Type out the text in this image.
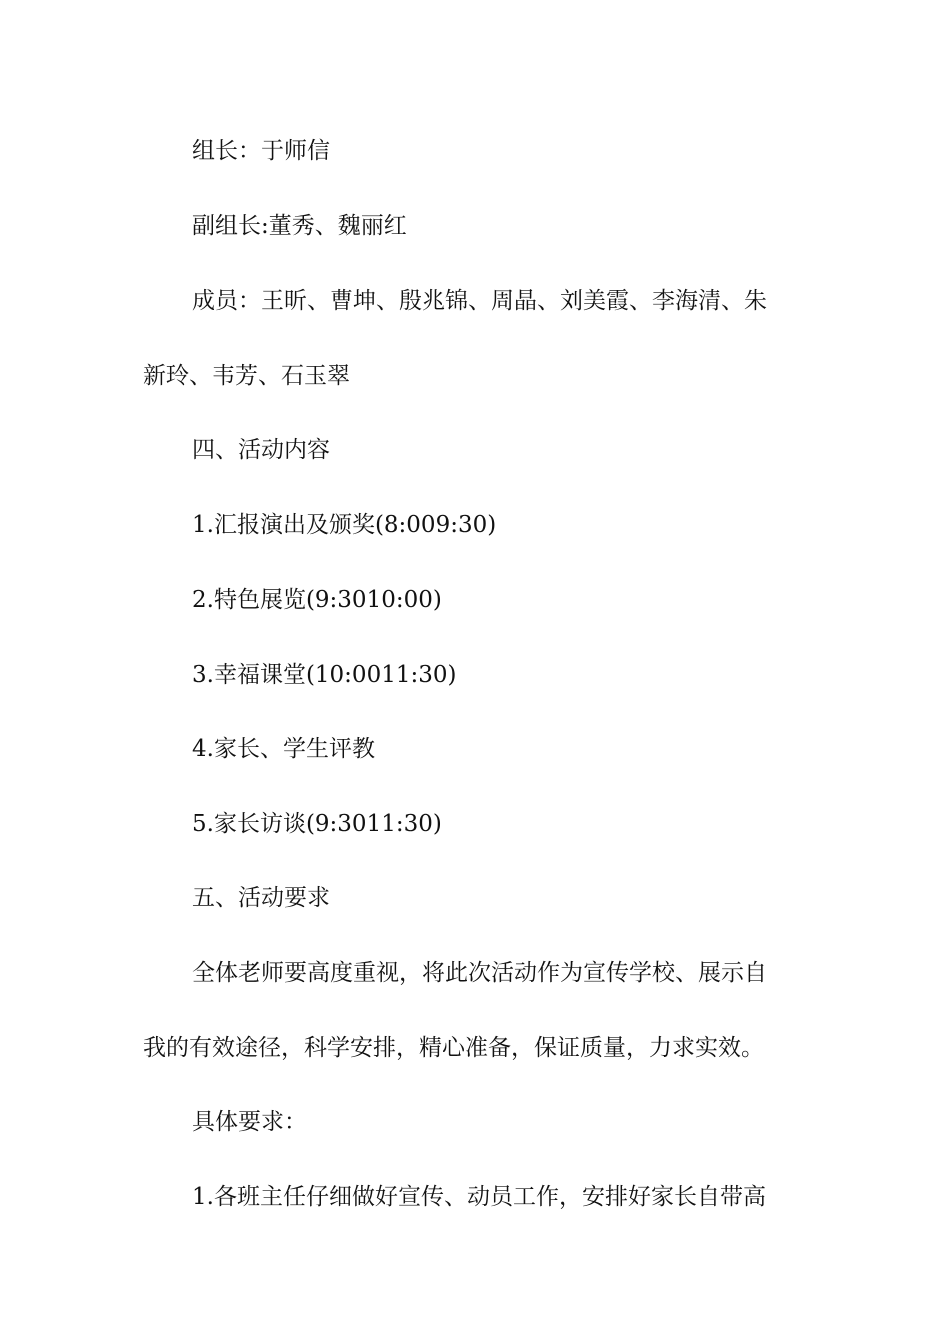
组长：于师信

副组长:董秀、魏丽红

成员：王昕、曹坤、殷兆锦、周晶、刘美霞、李海清、朱

新玲、韦芳、石玉翠

四、活动内容

1.汇报演出及颁奖(8:009:30)

2.特色展览(9:3010:00)

3.幸福课堂(10:0011:30)

4.家长、学生评教

5.家长访谈(9:3011:30)

五、活动要求

全体老师要高度重视，将此次活动作为宣传学校、展示自

我的有效途径，科学安排，精心准备，保证质量，力求实效。

具体要求：

1.各班主任仔细做好宣传、动员工作，安排好家长自带高
